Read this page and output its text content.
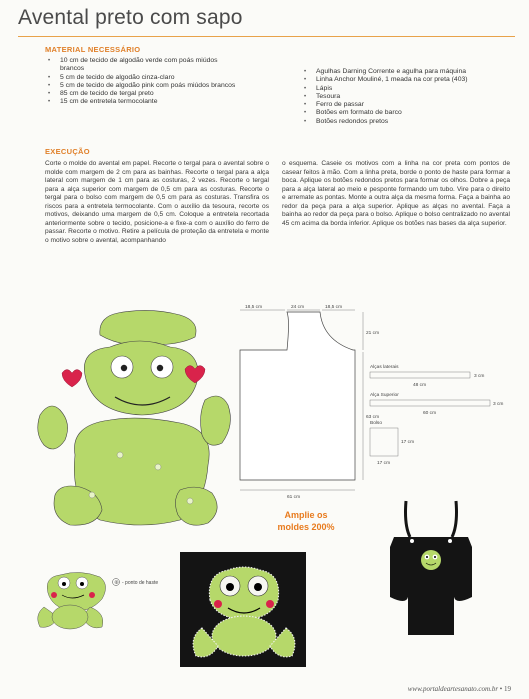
Avental preto com sapo
MATERIAL NECESSÁRIO
• 10 cm de tecido de algodão verde com poás miúdos brancos
• 5 cm de tecido de algodão cinza-claro
• 5 cm de tecido de algodão pink com poás miúdos brancos
• 85 cm de tecido de tergal preto
• 15 cm de entretela termocolante
• Agulhas Darning Corrente e agulha para máquina
• Linha Anchor Mouliné, 1 meada na cor preta (403)
• Lápis
• Tesoura
• Ferro de passar
• Botões em formato de barco
• Botões redondos pretos
EXECUÇÃO

Corte o molde do avental em papel. Recorte o tergal para o avental sobre o molde com margem de 2 cm para as bainhas. Recorte o tergal para a alça lateral com margem de 1 cm para as costuras, 2 vezes. Recorte o tergal para a alça superior com margem de 0,5 cm para as costuras. Recorte o tergal para o bolso com margem de 0,5 cm para as costuras. Transfira os riscos para a entretela termocolante. Com o auxílio da tesoura, recorte os motivos, deixando uma margem de 0,5 cm. Coloque a entretela recortada anteriormente sobre o tecido, posicione-a e fixe-a com o auxílio do ferro de passar. Recorte o motivo. Retire a película de proteção da entretela e monte o motivo sobre o avental, acompanhando

o esquema. Caseie os motivos com a linha na cor preta com pontos de casear feitos à mão. Com a linha preta, borde o ponto de haste para formar a boca. Aplique os botões redondos pretos para formar os olhos. Dobre a peça para a alça lateral ao meio e pesponte formando um tubo. Vire para o direito e arremate as pontas. Monte a outra alça da mesma forma. Faça a bainha ao redor da peça para a alça superior. Aplique as alças no avental. Faça a bainha ao redor da peça para o bolso. Aplique o bolso centralizado no avental 45 cm acima da borda inferior. Aplique os botões nas bases da alça superior.

18,5 cm	24 cm	18,5 cm
21 cm
63 cm
61 cm
Alças laterais
48 cm
3 cm
Alça Superior
60 cm
3 cm
Bolso
17 cm
17 cm
Amplie os
moldes 200%
⑧ - ponto de haste
www.portaldeartesanato.com.br • 19
